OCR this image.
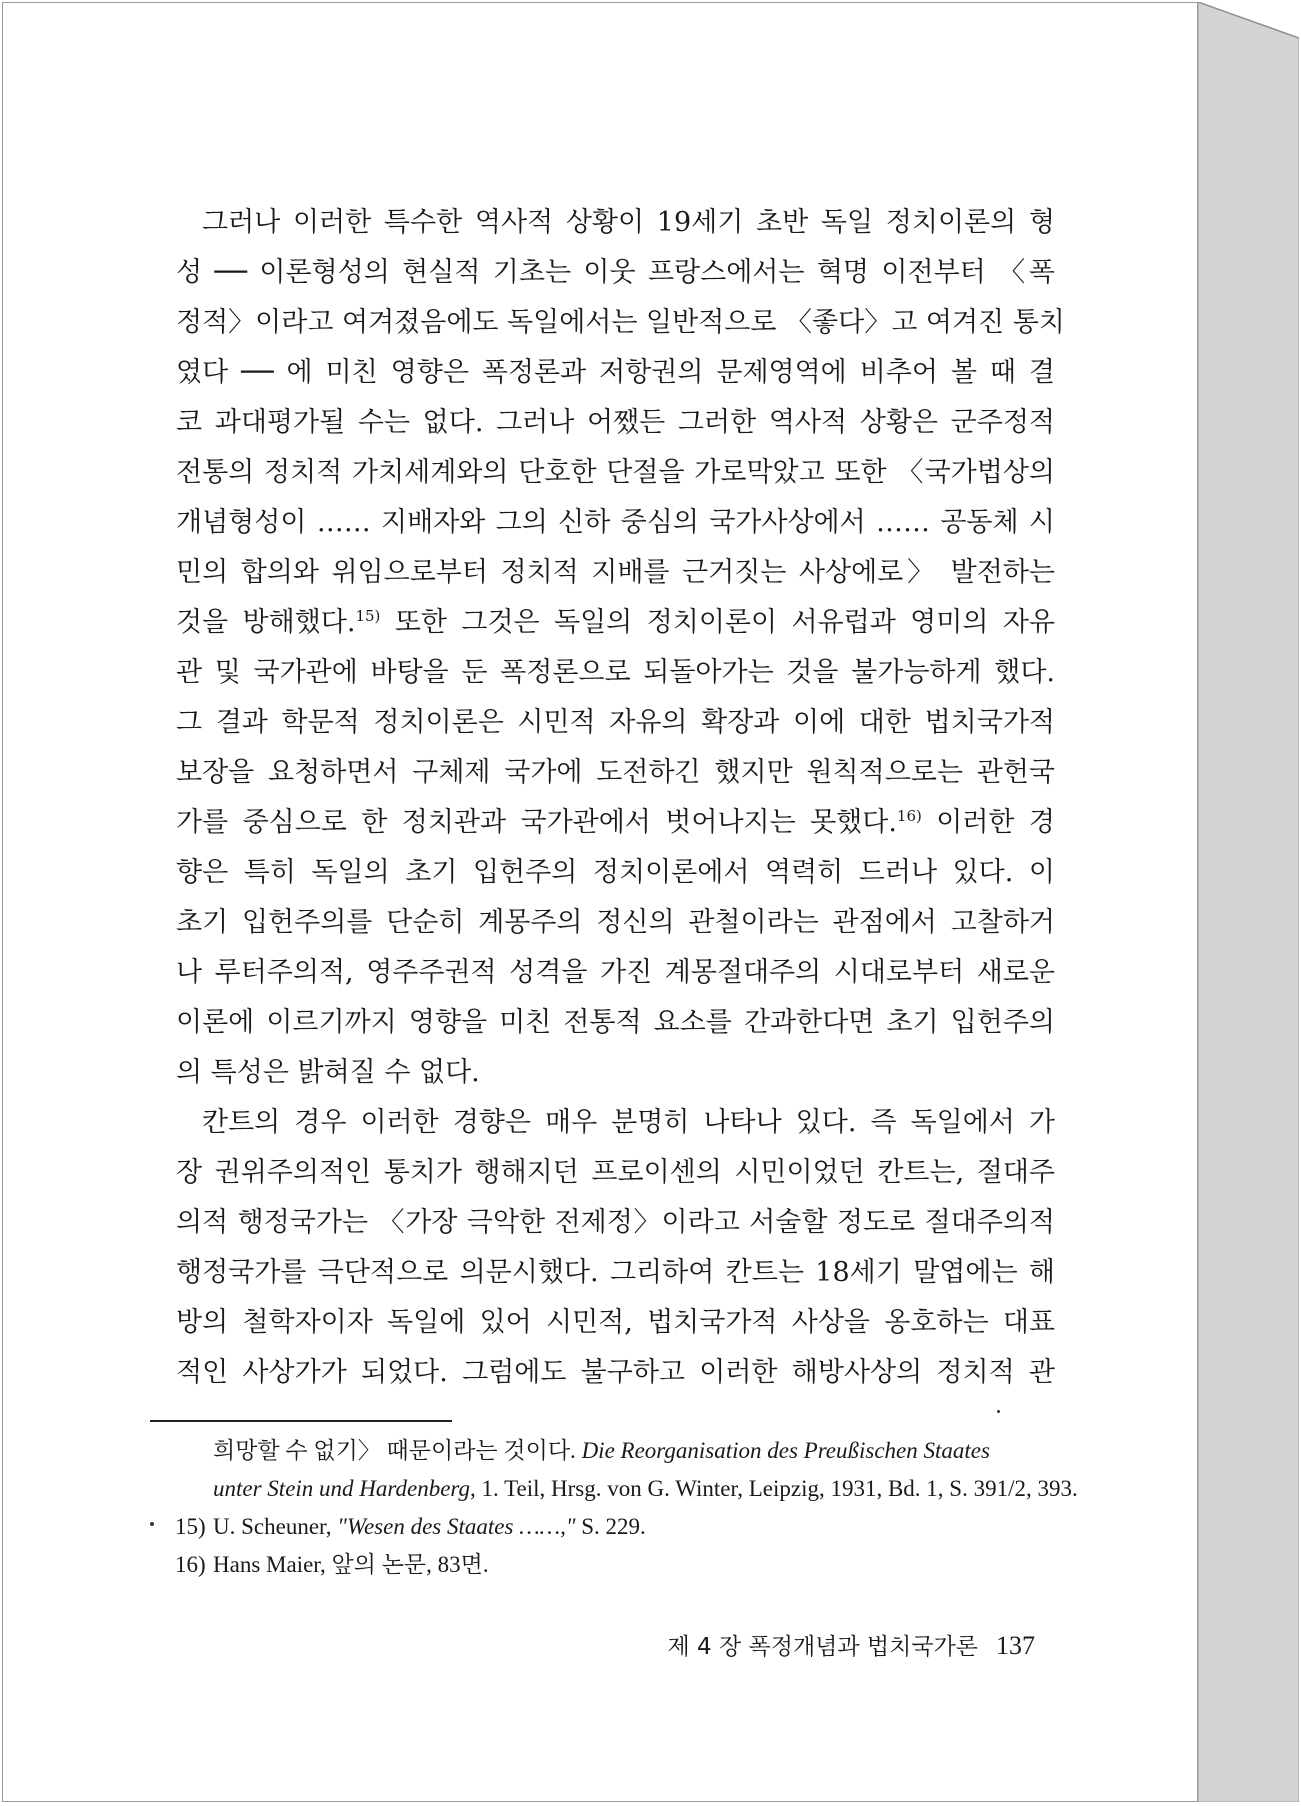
그러나 이러한 특수한 역사적 상황이 19세기 초반 독일 정치이론의 형
성 ── 이론형성의 현실적 기초는 이웃 프랑스에서는 혁명 이전부터 〈폭
정적〉이라고 여겨졌음에도 독일에서는 일반적으로 〈좋다〉고 여겨진 통치
였다 ── 에 미친 영향은 폭정론과 저항권의 문제영역에 비추어 볼 때 결
코 과대평가될 수는 없다. 그러나 어쨌든 그러한 역사적 상황은 군주정적
전통의 정치적 가치세계와의 단호한 단절을 가로막았고 또한 〈국가법상의
개념형성이 …… 지배자와 그의 신하 중심의 국가사상에서 …… 공동체 시
민의 합의와 위임으로부터 정치적 지배를 근거짓는 사상에로〉 발전하는
것을 방해했다.$^{15)}$ 또한 그것은 독일의 정치이론이 서유럽과 영미의 자유
관 및 국가관에 바탕을 둔 폭정론으로 되돌아가는 것을 불가능하게 했다.
그 결과 학문적 정치이론은 시민적 자유의 확장과 이에 대한 법치국가적
보장을 요청하면서 구체제 국가에 도전하긴 했지만 원칙적으로는 관헌국
가를 중심으로 한 정치관과 국가관에서 벗어나지는 못했다.$^{16)}$ 이러한 경
향은 특히 독일의 초기 입헌주의 정치이론에서 역력히 드러나 있다. 이
초기 입헌주의를 단순히 계몽주의 정신의 관철이라는 관점에서 고찰하거
나 루터주의적, 영주주권적 성격을 가진 계몽절대주의 시대로부터 새로운
이론에 이르기까지 영향을 미친 전통적 요소를 간과한다면 초기 입헌주의
의 특성은 밝혀질 수 없다.
칸트의 경우 이러한 경향은 매우 분명히 나타나 있다. 즉 독일에서 가
장 권위주의적인 통치가 행해지던 프로이센의 시민이었던 칸트는, 절대주
의적 행정국가는 〈가장 극악한 전제정〉이라고 서술할 정도로 절대주의적
행정국가를 극단적으로 의문시했다. 그리하여 칸트는 18세기 말엽에는 해
방의 철학자이자 독일에 있어 시민적, 법치국가적 사상을 옹호하는 대표
적인 사상가가 되었다. 그럼에도 불구하고 이러한 해방사상의 정치적 관
희망할 수 없기〉 때문이라는 것이다. Die Reorganisation des Preußischen Staates
unter Stein und Hardenberg, 1. Teil, Hrsg. von G. Winter, Leipzig, 1931, Bd. 1, S. 391/2, 393.
15) U. Scheuner, "Wesen des Staates ……," S. 229.
16) Hans Maier, 앞의 논문, 83면.
제 4 장 폭정개념과 법치국가론 137
